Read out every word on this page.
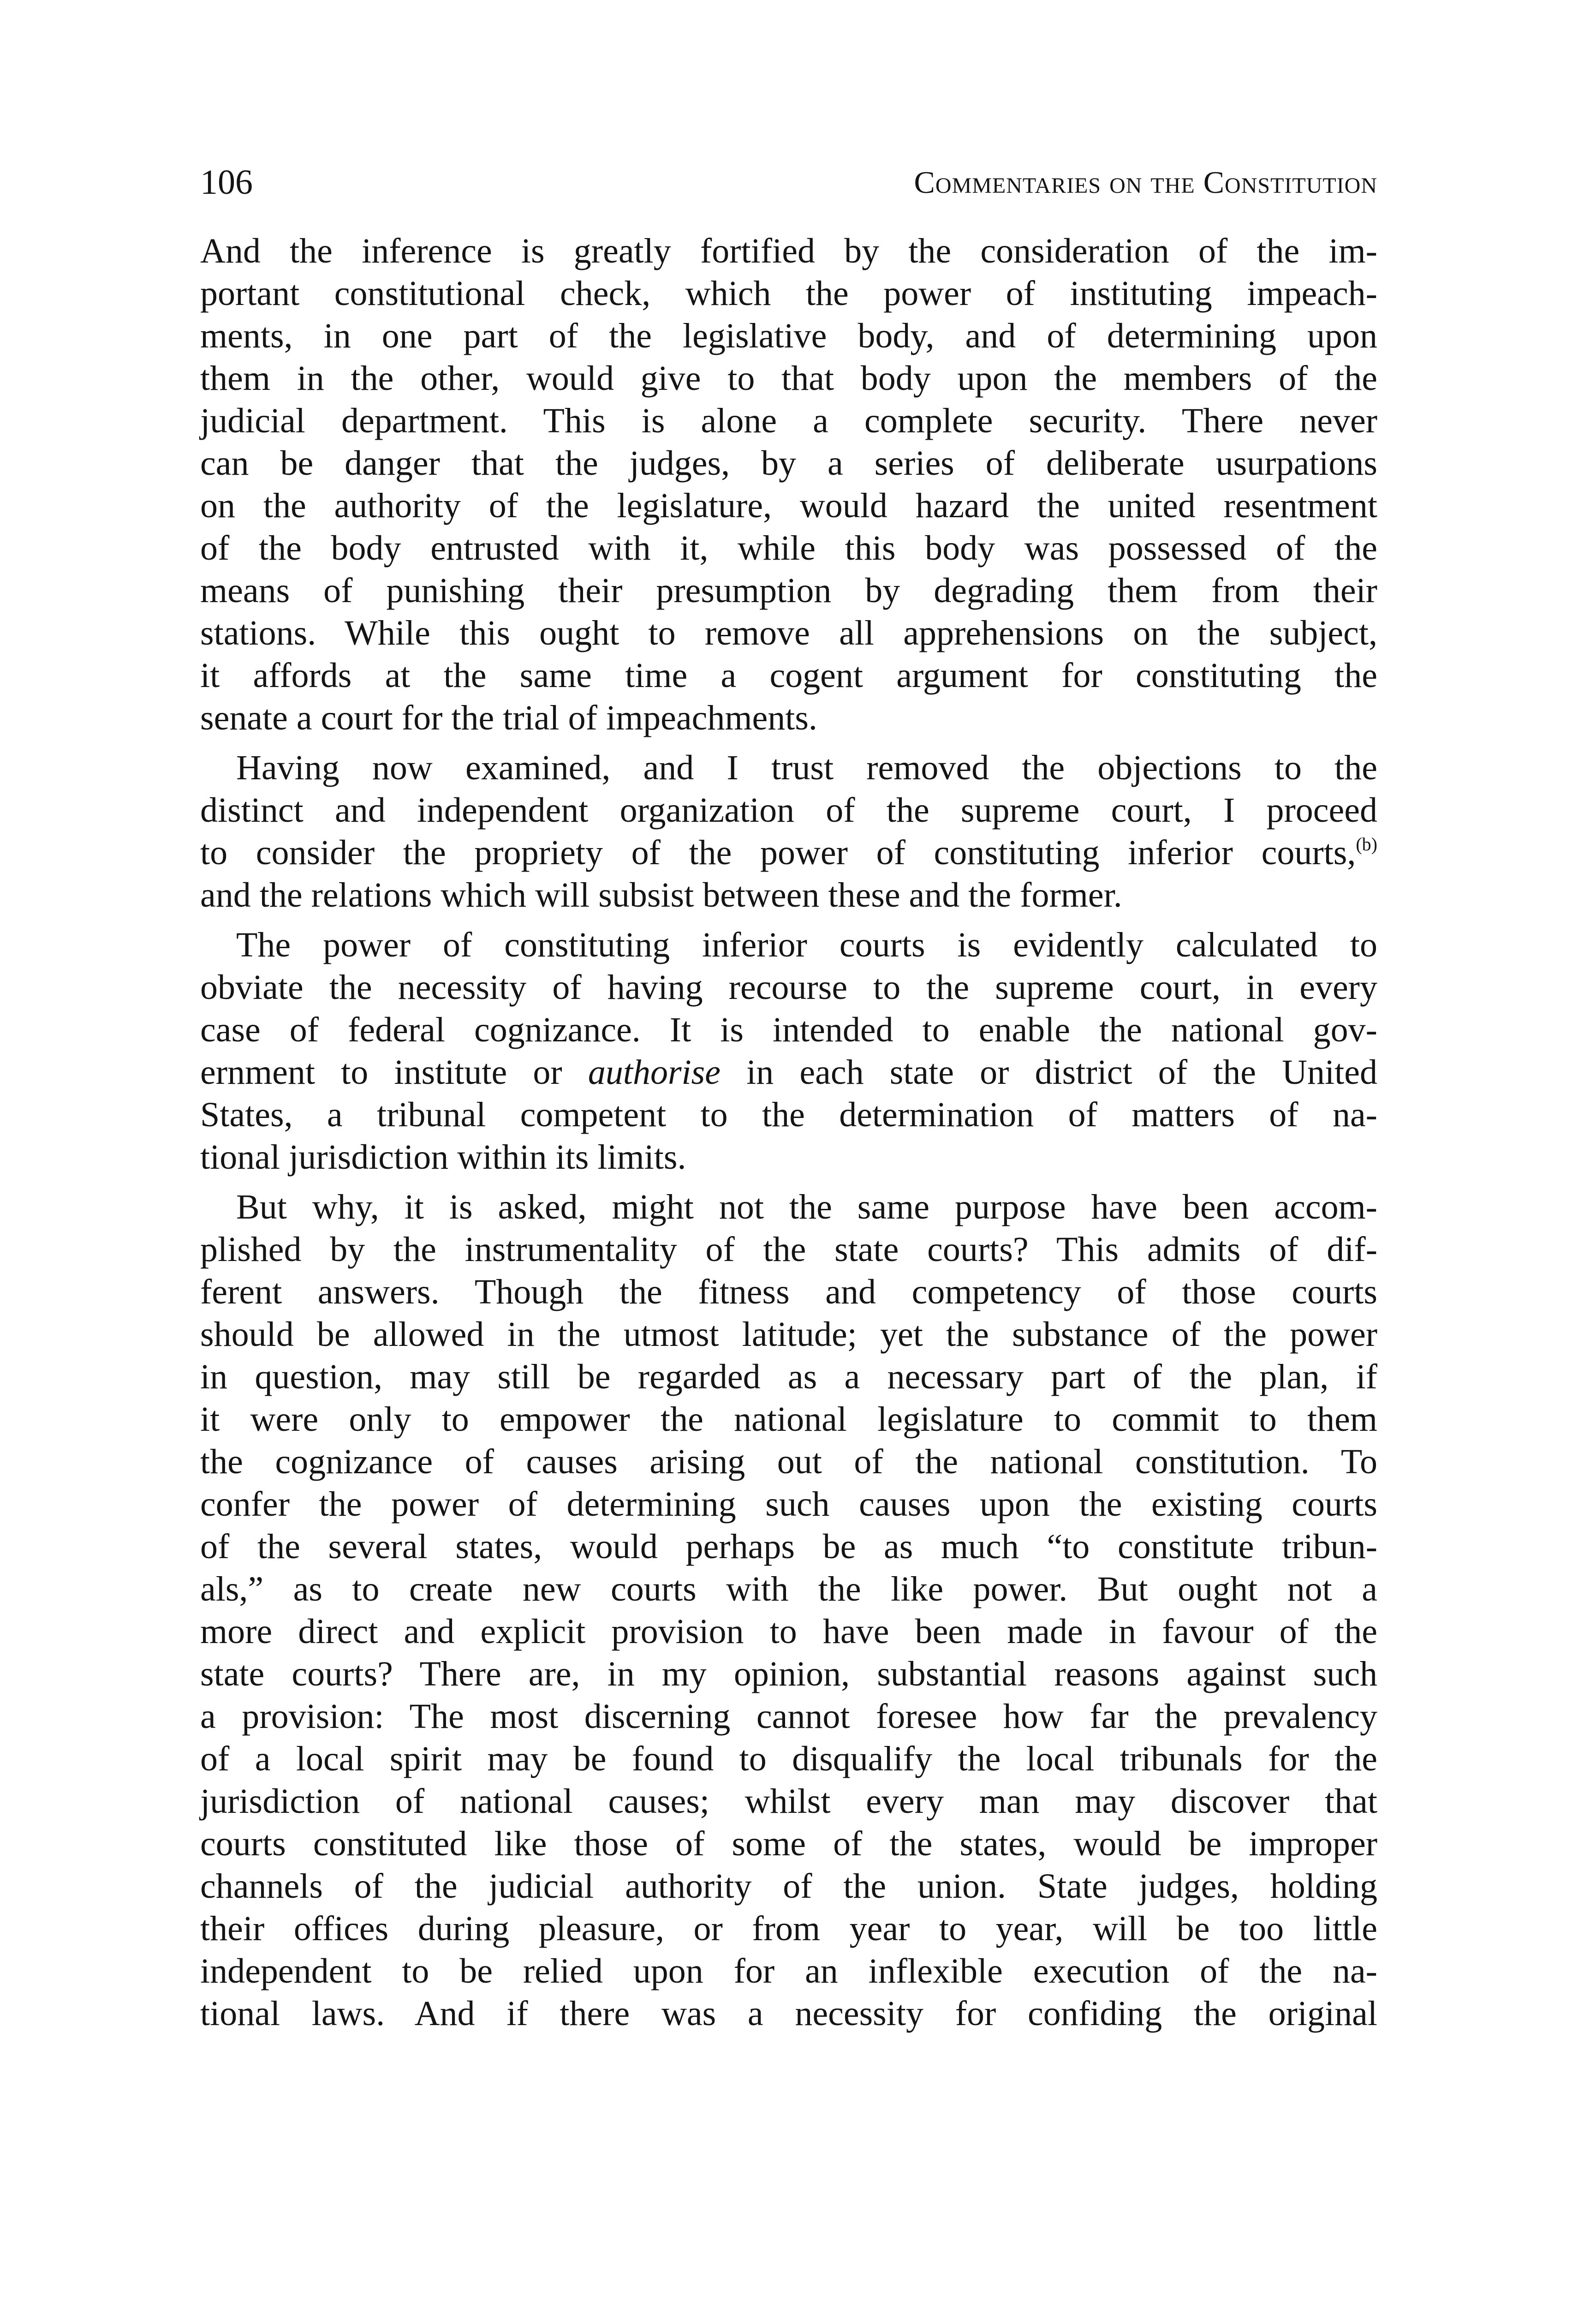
106	Commentaries on the Constitution
And the inference is greatly fortified by the consideration of the im-
portant constitutional check, which the power of instituting impeach-
ments, in one part of the legislative body, and of determining upon
them in the other, would give to that body upon the members of the
judicial department. This is alone a complete security. There never
can be danger that the judges, by a series of deliberate usurpations
on the authority of the legislature, would hazard the united resentment
of the body entrusted with it, while this body was possessed of the
means of punishing their presumption by degrading them from their
stations. While this ought to remove all apprehensions on the subject,
it affords at the same time a cogent argument for constituting the
senate a court for the trial of impeachments.
Having now examined, and I trust removed the objections to the
distinct and independent organization of the supreme court, I proceed
to consider the propriety of the power of constituting inferior courts,$^{(b)}$
and the relations which will subsist between these and the former.
The power of constituting inferior courts is evidently calculated to
obviate the necessity of having recourse to the supreme court, in every
case of federal cognizance. It is intended to enable the national gov-
ernment to institute or authorise in each state or district of the United
States, a tribunal competent to the determination of matters of na-
tional jurisdiction within its limits.
But why, it is asked, might not the same purpose have been accom-
plished by the instrumentality of the state courts? This admits of dif-
ferent answers. Though the fitness and competency of those courts
should be allowed in the utmost latitude; yet the substance of the power
in question, may still be regarded as a necessary part of the plan, if
it were only to empower the national legislature to commit to them
the cognizance of causes arising out of the national constitution. To
confer the power of determining such causes upon the existing courts
of the several states, would perhaps be as much “to constitute tribun-
als,” as to create new courts with the like power. But ought not a
more direct and explicit provision to have been made in favour of the
state courts? There are, in my opinion, substantial reasons against such
a provision: The most discerning cannot foresee how far the prevalency
of a local spirit may be found to disqualify the local tribunals for the
jurisdiction of national causes; whilst every man may discover that
courts constituted like those of some of the states, would be improper
channels of the judicial authority of the union. State judges, holding
their offices during pleasure, or from year to year, will be too little
independent to be relied upon for an inflexible execution of the na-
tional laws. And if there was a necessity for confiding the original
